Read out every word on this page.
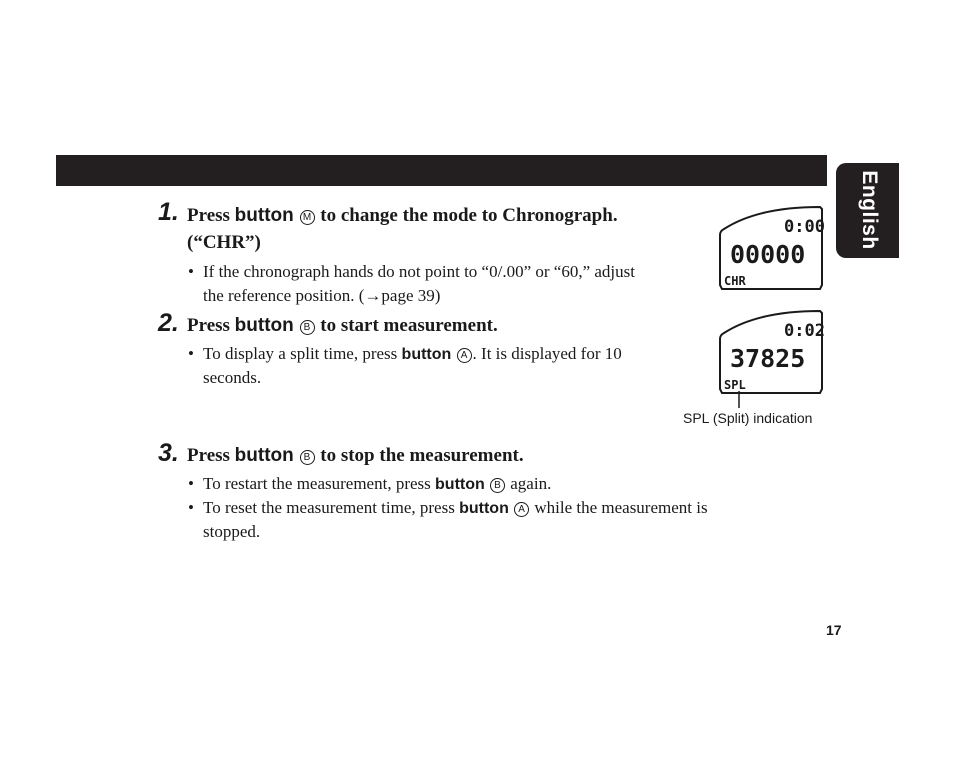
English
1. Press button M to change the mode to Chronograph.
(“CHR”)
• If the chronograph hands do not point to “0/.00” or “60,” adjust
the reference position. (→page 39)
2. Press button B to start measurement.
• To display a split time, press button A . It is displayed for 10
seconds.
3. Press button B to stop the measurement.
• To restart the measurement, press button B again.
• To reset the measurement time, press button A while the measurement is
stopped.
0:00
00000
CHR
0:02
37825
SPL
SPL (Split) indication
17
